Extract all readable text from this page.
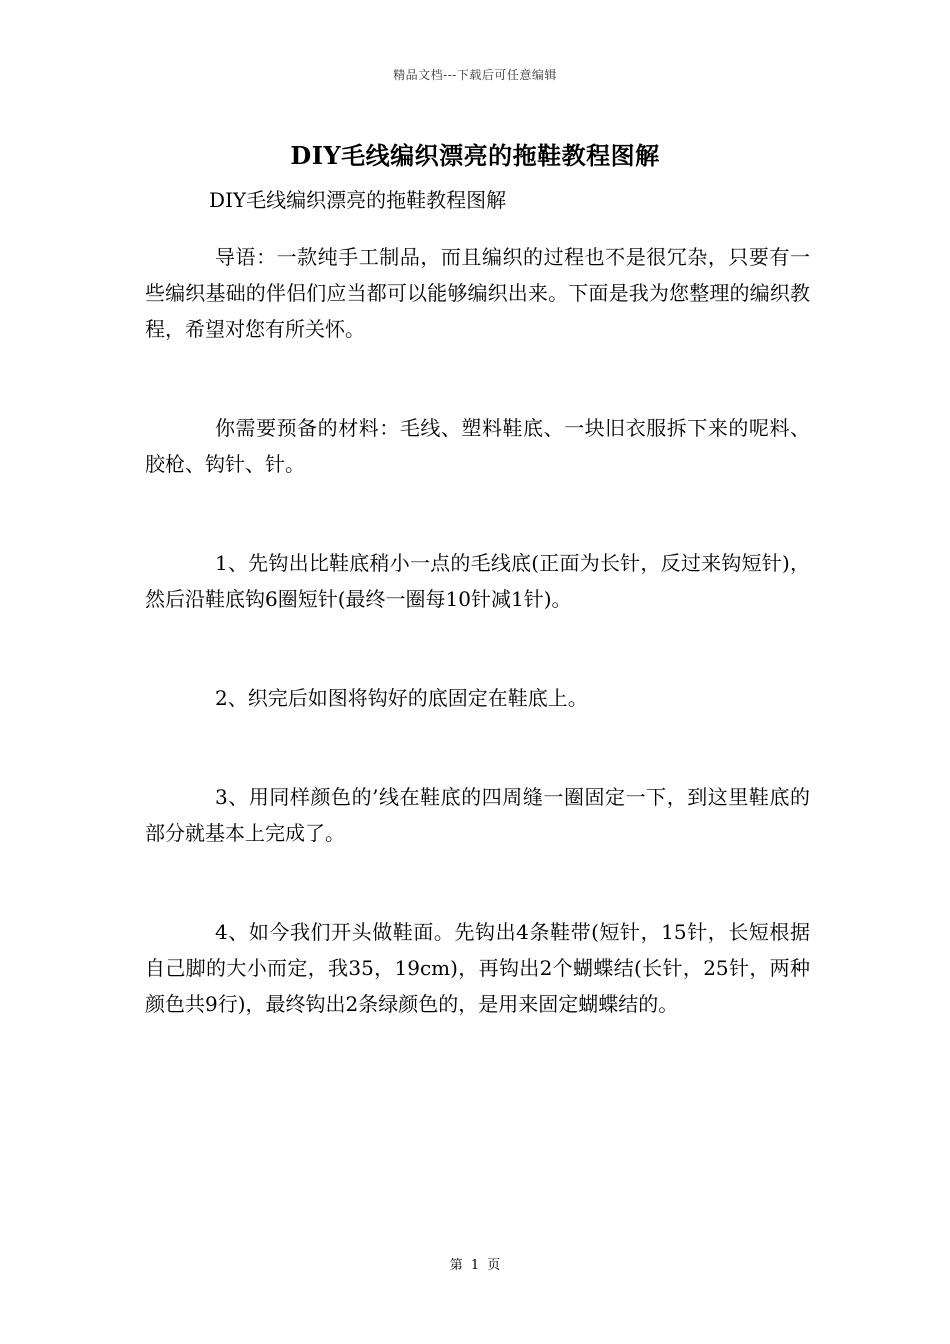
精品文档---下载后可任意编辑
DIY毛线编织漂亮的拖鞋教程图解

DIY毛线编织漂亮的拖鞋教程图解

导语：一款纯手工制品，而且编织的过程也不是很冗杂，只要有一些编织基础的伴侣们应当都可以能够编织出来。下面是我为您整理的编织教程，希望对您有所关怀。

你需要预备的材料：毛线、塑料鞋底、一块旧衣服拆下来的呢料、胶枪、钩针、针。

1、先钩出比鞋底稍小一点的毛线底(正面为长针，反过来钩短针)，然后沿鞋底钩6圈短针(最终一圈每10针减1针)。

2、织完后如图将钩好的底固定在鞋底上。

3、用同样颜色的’线在鞋底的四周缝一圈固定一下，到这里鞋底的部分就基本上完成了。

4、如今我们开头做鞋面。先钩出4条鞋带(短针，15针，长短根据自己脚的大小而定，我35，19cm)，再钩出2个蝴蝶结(长针，25针，两种颜色共9行)，最终钩出2条绿颜色的，是用来固定蝴蝶结的。

第 1 页
